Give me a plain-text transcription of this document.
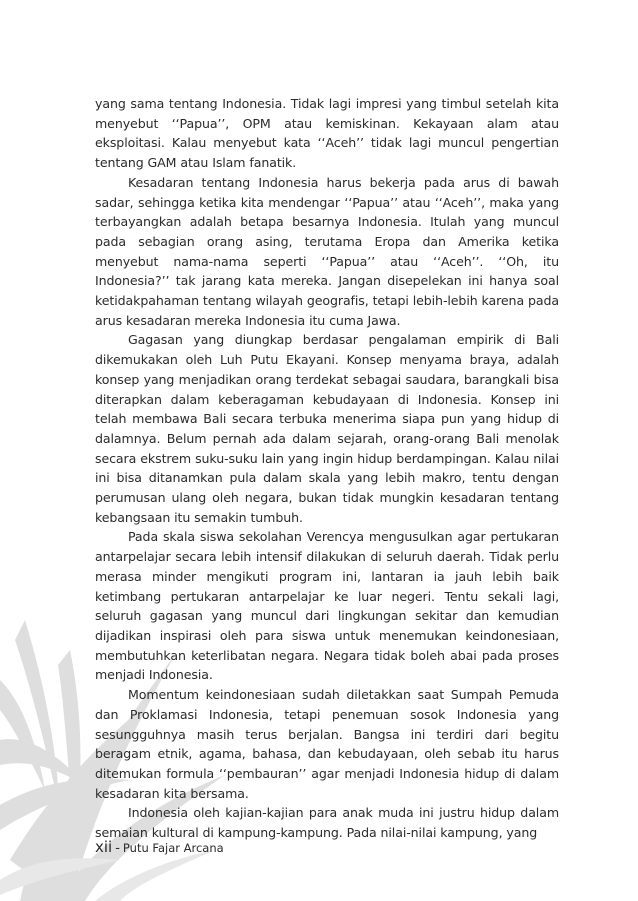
yang sama tentang Indonesia. Tidak lagi impresi yang timbul setelah kita menyebut ‘‘Papua’’, OPM atau kemiskinan. Kekayaan alam atau eksploitasi. Kalau menyebut kata ‘‘Aceh’’ tidak lagi muncul pengertian tentang GAM atau Islam fanatik.

Kesadaran tentang Indonesia harus bekerja pada arus di bawah sadar, sehingga ketika kita mendengar ‘‘Papua’’ atau ‘‘Aceh’’, maka yang terbayangkan adalah betapa besarnya Indonesia. Itulah yang muncul pada sebagian orang asing, terutama Eropa dan Amerika ketika menyebut nama-nama seperti ‘‘Papua’’ atau ‘‘Aceh’’. ‘‘Oh, itu Indonesia?’’ tak jarang kata mereka. Jangan disepelekan ini hanya soal ketidakpahaman tentang wilayah geografis, tetapi lebih-lebih karena pada arus kesadaran mereka Indonesia itu cuma Jawa.

Gagasan yang diungkap berdasar pengalaman empirik di Bali dikemukakan oleh Luh Putu Ekayani. Konsep menyama braya, adalah konsep yang menjadikan orang terdekat sebagai saudara, barangkali bisa diterapkan dalam keberagaman kebudayaan di Indonesia. Konsep ini telah membawa Bali secara terbuka menerima siapa pun yang hidup di dalamnya. Belum pernah ada dalam sejarah, orang-orang Bali menolak secara ekstrem suku-suku lain yang ingin hidup berdampingan. Kalau nilai ini bisa ditanamkan pula dalam skala yang lebih makro, tentu dengan perumusan ulang oleh negara, bukan tidak mungkin kesadaran tentang kebangsaan itu semakin tumbuh.

Pada skala siswa sekolahan Verencya mengusulkan agar pertukaran antarpelajar secara lebih intensif dilakukan di seluruh daerah. Tidak perlu merasa minder mengikuti program ini, lantaran ia jauh lebih baik ketimbang pertukaran antarpelajar ke luar negeri. Tentu sekali lagi, seluruh gagasan yang muncul dari lingkungan sekitar dan kemudian dijadikan inspirasi oleh para siswa untuk menemukan keindonesiaan, membutuhkan keterlibatan negara. Negara tidak boleh abai pada proses menjadi Indonesia.

Momentum keindonesiaan sudah diletakkan saat Sumpah Pemuda dan Proklamasi Indonesia, tetapi penemuan sosok Indonesia yang sesungguhnya masih terus berjalan. Bangsa ini terdiri dari begitu beragam etnik, agama, bahasa, dan kebudayaan, oleh sebab itu harus ditemukan formula ‘‘pembauran’’ agar menjadi Indonesia hidup di dalam kesadaran kita bersama.

Indonesia oleh kajian-kajian para anak muda ini justru hidup dalam semaian kultural di kampung-kampung. Pada nilai-nilai kampung, yang

xii - Putu Fajar Arcana
